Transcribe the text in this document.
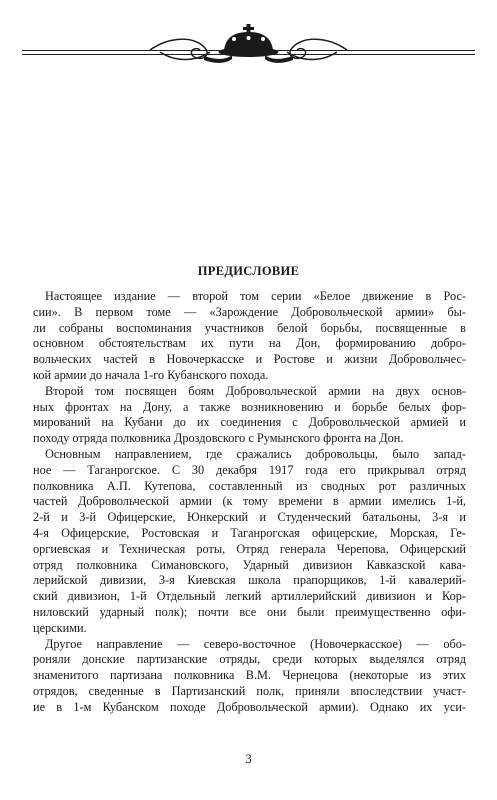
ПРЕДИСЛОВИЕ
Настоящее издание — второй том серии «Белое движение в Рос-
сии». В первом томе — «Зарождение Добровольческой армии» бы-
ли собраны воспоминания участников белой борьбы, посвященные в
основном обстоятельствам их пути на Дон, формированию добро-
вольческих частей в Новочеркасске и Ростове и жизни Добровольчес-
кой армии до начала 1-го Кубанского похода.
Второй том посвящен боям Добровольческой армии на двух основ-
ных фронтах на Дону, а также возникновению и борьбе белых фор-
мирований на Кубани до их соединения с Добровольческой армией и
походу отряда полковника Дроздовского с Румынского фронта на Дон.
Основным направлением, где сражались добровольцы, было запад-
ное — Таганрогское. С 30 декабря 1917 года его прикрывал отряд
полковника А.П. Кутепова, составленный из сводных рот различных
частей Добровольческой армии (к тому времени в армии имелись 1-й,
2-й и 3-й Офицерские, Юнкерский и Студенческий батальоны, 3-я и
4-я Офицерские, Ростовская и Таганрогская офицерские, Морская, Ге-
оргиевская и Техническая роты, Отряд генерала Черепова, Офицерский
отряд полковника Симановского, Ударный дивизион Кавказской кава-
лерийской дивизии, 3-я Киевская школа прапорщиков, 1-й кавалерий-
ский дивизион, 1-й Отдельный легкий артиллерийский дивизион и Кор-
ниловский ударный полк); почти все они были преимущественно офи-
церскими.
Другое направление — северо-восточное (Новочеркасское) — обо-
роняли донские партизанские отряды, среди которых выделялся отряд
знаменитого партизана полковника В.М. Чернецова (некоторые из этих
отрядов, сведенные в Партизанский полк, приняли впоследствии участ-
ие в 1-м Кубанском походе Добровольческой армии). Однако их уси-
3
